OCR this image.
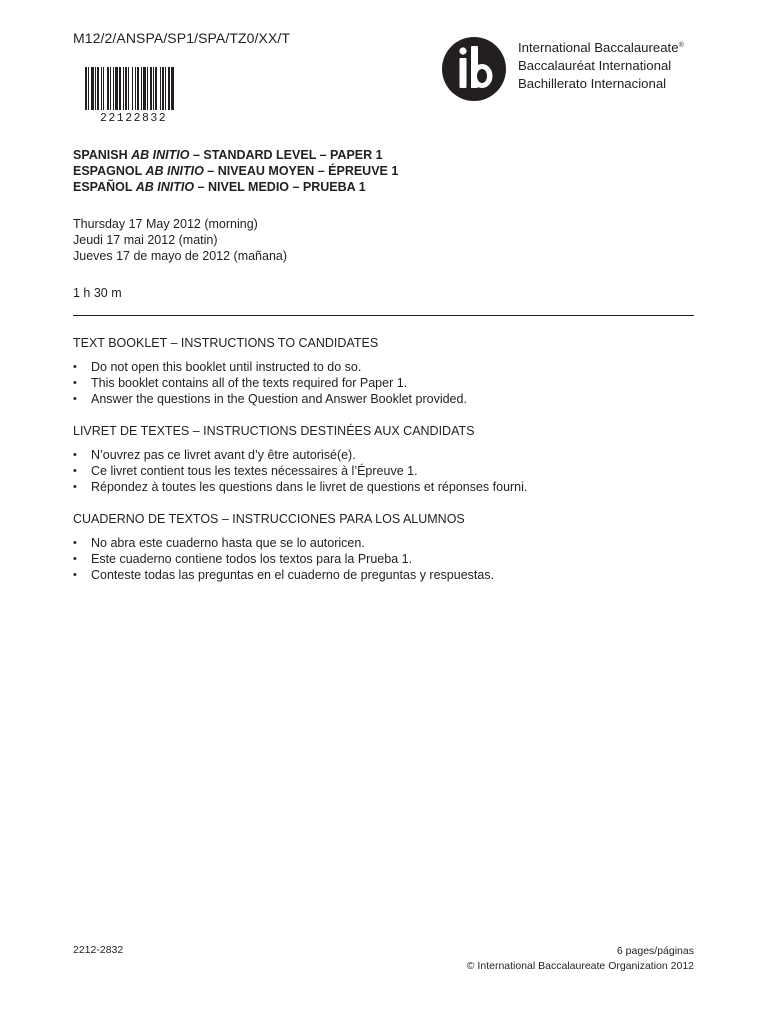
M12/2/ANSPA/SP1/SPA/TZ0/XX/T
22122832
International Baccalaureate®
Baccalauréat International
Bachillerato Internacional
SPANISH AB INITIO – STANDARD LEVEL – PAPER 1
ESPAGNOL AB INITIO – NIVEAU MOYEN – ÉPREUVE 1
ESPAÑOL AB INITIO – NIVEL MEDIO – PRUEBA 1
Thursday 17 May 2012 (morning)
Jeudi 17 mai 2012 (matin)
Jueves 17 de mayo de 2012 (mañana)
1 h 30 m
TEXT BOOKLET – INSTRUCTIONS TO CANDIDATES
• Do not open this booklet until instructed to do so.
• This booklet contains all of the texts required for Paper 1.
• Answer the questions in the Question and Answer Booklet provided.
LIVRET DE TEXTES – INSTRUCTIONS DESTINÉES AUX CANDIDATS
• N’ouvrez pas ce livret avant d’y être autorisé(e).
• Ce livret contient tous les textes nécessaires à l’Épreuve 1.
• Répondez à toutes les questions dans le livret de questions et réponses fourni.
CUADERNO DE TEXTOS – INSTRUCCIONES PARA LOS ALUMNOS
• No abra este cuaderno hasta que se lo autoricen.
• Este cuaderno contiene todos los textos para la Prueba 1.
• Conteste todas las preguntas en el cuaderno de preguntas y respuestas.
2212-2832	6 pages/páginas
© International Baccalaureate Organization 2012
